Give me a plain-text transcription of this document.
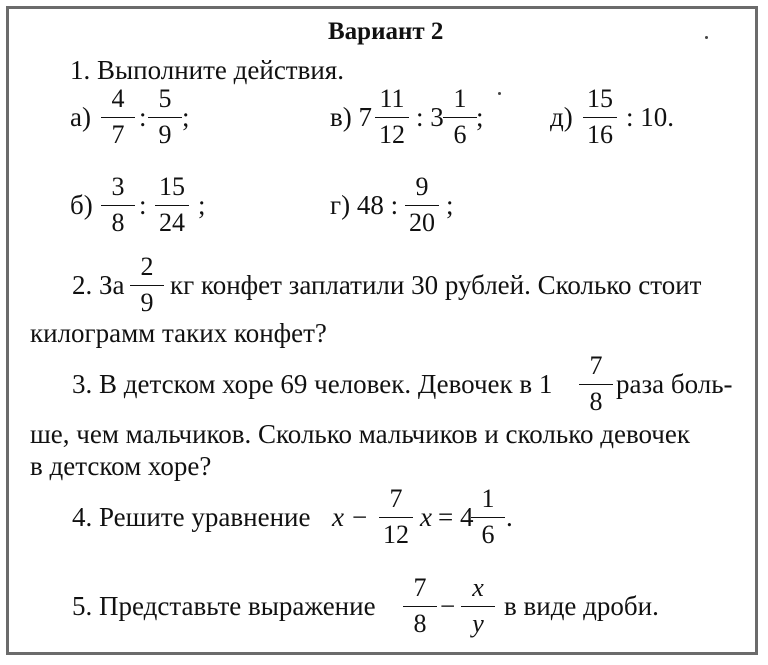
Вариант 2
1. Выполните действия.
а)
4
7
:
5
9
;	в) 7
11
12
: 3
1
6
; д)
15
16
: 10.
б)
3
8
:
15
24
;	г) 48 :
9
20
;
2. За
2
9
кг конфет заплатили 30 рублей. Сколько стоит
килограмм таких конфет?
3. В детском хоре 69 человек. Девочек в 1
7
8
раза боль-
ше, чем мальчиков. Сколько мальчиков и сколько девочек
в детском хоре?
4. Решите уравнение x −
7
12
x = 4
1
6
.
5. Представьте выражение
7
8
−
x
y
в виде дроби.
